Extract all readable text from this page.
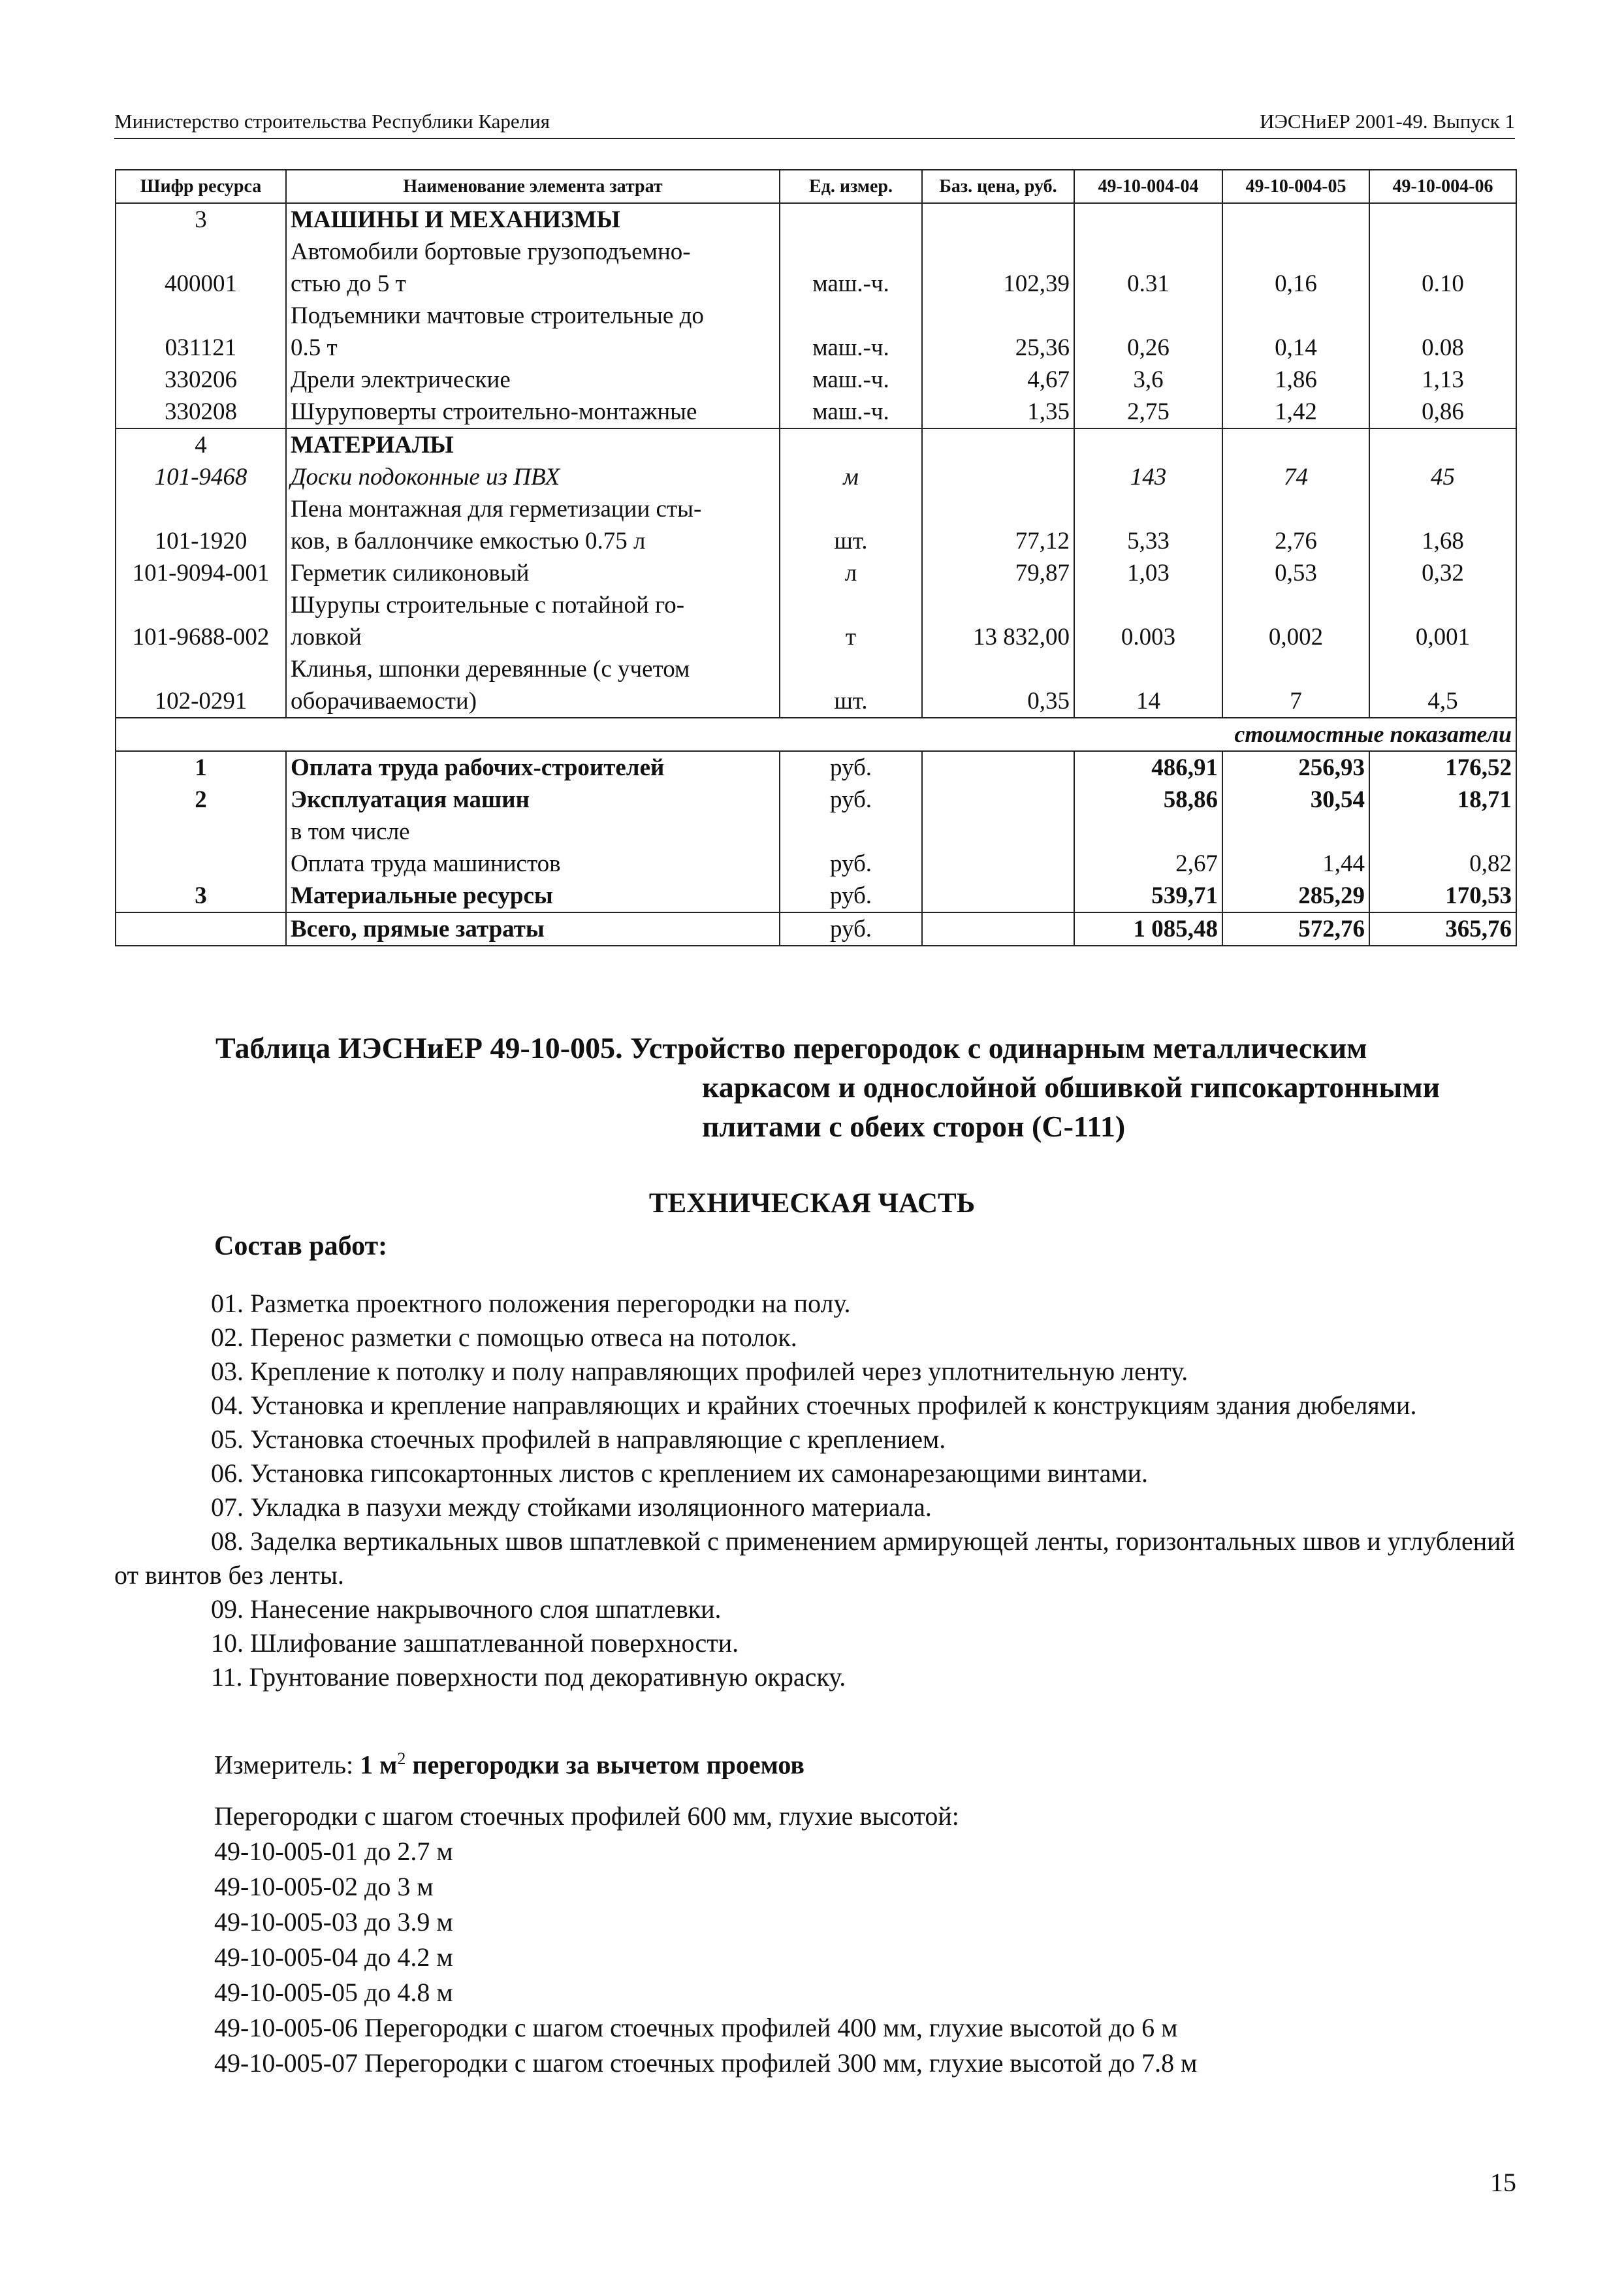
Министерство строительства Республики Карелия	ИЭСНиЕР 2001-49. Выпуск 1
Шифр ресурса	Наименование элемента затрат	Ед. измер.	Баз. цена, руб.	49-10-004-04	49-10-004-05	49-10-004-06
3	МАШИНЫ И МЕХАНИЗМЫ					
	Автомобили бортовые грузоподъемно-					
400001	стью до 5 т	маш.-ч.	102,39	0.31	0,16	0.10
	Подъемники мачтовые строительные до					
031121	0.5 т	маш.-ч.	25,36	0,26	0,14	0.08
330206	Дрели электрические	маш.-ч.	4,67	3,6	1,86	1,13
330208	Шуруповерты строительно-монтажные	маш.-ч.	1,35	2,75	1,42	0,86
4	МАТЕРИАЛЫ					
101-9468	Доски подоконные из ПВХ	м		143	74	45
	Пена монтажная для герметизации сты-					
101-1920	ков, в баллончике емкостью 0.75 л	шт.	77,12	5,33	2,76	1,68
101-9094-001	Герметик силиконовый	л	79,87	1,03	0,53	0,32
	Шурупы строительные с потайной го-					
101-9688-002	ловкой	т	13 832,00	0.003	0,002	0,001
	Клинья, шпонки деревянные (с учетом					
102-0291	оборачиваемости)	шт.	0,35	14	7	4,5
стоимостные показатели						
1	Оплата труда рабочих-строителей	руб.		486,91	256,93	176,52
2	Эксплуатация машин	руб.		58,86	30,54	18,71
	в том числе					
	Оплата труда машинистов	руб.		2,67	1,44	0,82
3	Материальные ресурсы	руб.		539,71	285,29	170,53
	Всего, прямые затраты	руб.		1 085,48	572,76	365,76
Таблица ИЭСНиЕР 49-10-005. Устройство перегородок с одинарным металлическим
каркасом и однослойной обшивкой гипсокартонными
плитами с обеих сторон (С-111)
ТЕХНИЧЕСКАЯ ЧАСТЬ
Состав работ:
01. Разметка проектного положения перегородки на полу.
02. Перенос разметки с помощью отвеса на потолок.
03. Крепление к потолку и полу направляющих профилей через уплотнительную ленту.
04. Установка и крепление направляющих и крайних стоечных профилей к конструкциям здания дюбелями.
05. Установка стоечных профилей в направляющие с креплением.
06. Установка гипсокартонных листов с креплением их самонарезающими винтами.
07. Укладка в пазухи между стойками изоляционного материала.
08. Заделка вертикальных швов шпатлевкой с применением армирующей ленты, горизонтальных швов и углублений от винтов без ленты.
09. Нанесение накрывочного слоя шпатлевки.
10. Шлифование зашпатлеванной поверхности.
11. Грунтование поверхности под декоративную окраску.
Измеритель: 1 $м^2$ перегородки за вычетом проемов
Перегородки с шагом стоечных профилей 600 мм, глухие высотой:
49-10-005-01 до 2.7 м
49-10-005-02 до 3 м
49-10-005-03 до 3.9 м
49-10-005-04 до 4.2 м
49-10-005-05 до 4.8 м
49-10-005-06 Перегородки с шагом стоечных профилей 400 мм, глухие высотой до 6 м
49-10-005-07 Перегородки с шагом стоечных профилей 300 мм, глухие высотой до 7.8 м
15
